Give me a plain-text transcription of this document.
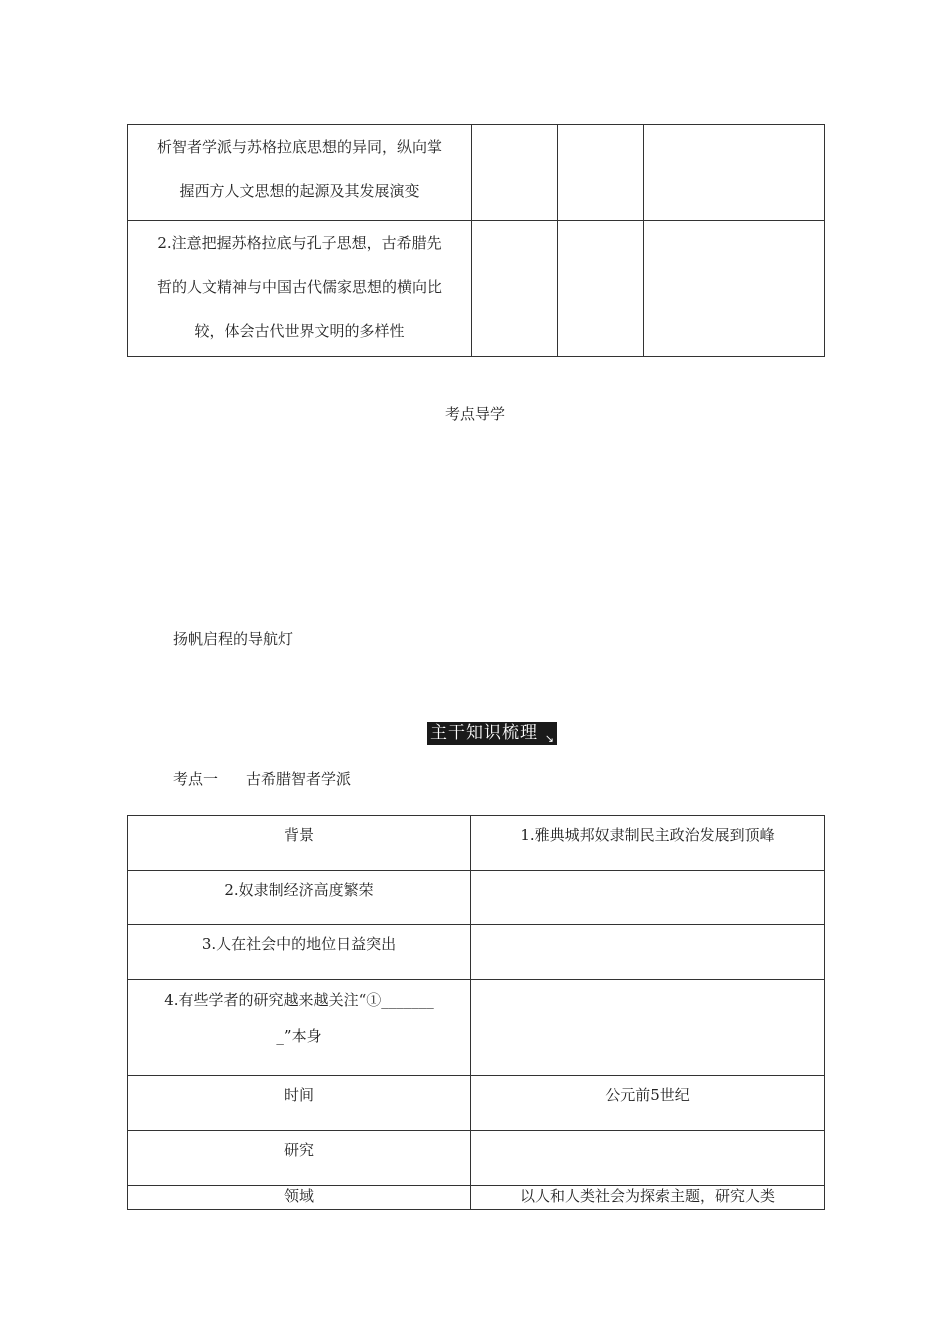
析智者学派与苏格拉底思想的异同，纵向掌
握西方人文思想的起源及其发展演变			

2.注意把握苏格拉底与孔子思想，古希腊先
哲的人文精神与中国古代儒家思想的横向比
较，体会古代世界文明的多样性			

考点导学
扬帆启程的导航灯
主干知识梳理 ↘
考点一 古希腊智者学派
背景	1.雅典城邦奴隶制民主政治发展到顶峰

2.奴隶制经济高度繁荣	

3.人在社会中的地位日益突出	

4.有些学者的研究越来越关注“①_______
_”本身	

时间	公元前5世纪

研究	

领域	以人和人类社会为探索主题，研究人类
